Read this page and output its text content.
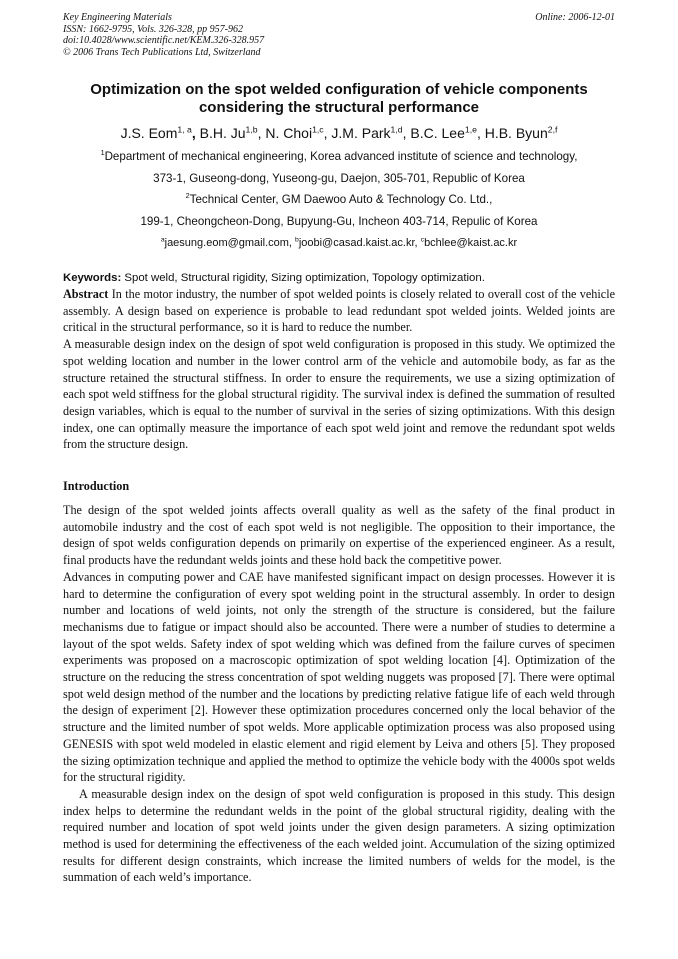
Key Engineering Materials
ISSN: 1662-9795, Vols. 326-328, pp 957-962
doi:10.4028/www.scientific.net/KEM.326-328.957
© 2006 Trans Tech Publications Ltd, Switzerland
Online: 2006-12-01
Optimization on the spot welded configuration of vehicle components
considering the structural performance
J.S. Eom$^{1, a}$, B.H. Ju$^{1,b}$, N. Choi$^{1,c}$, J.M. Park$^{1,d}$, B.C. Lee$^{1,e}$, H.B. Byun$^{2,f}$
$^1$Department of mechanical engineering, Korea advanced institute of science and technology,
373-1, Guseong-dong, Yuseong-gu, Daejon, 305-701, Republic of Korea
$^2$Technical Center, GM Daewoo Auto & Technology Co. Ltd.,
199-1, Cheongcheon-Dong, Bupyung-Gu, Incheon 403-714, Repulic of Korea
$^a$jaesung.eom@gmail.com, $^b$joobi@casad.kaist.ac.kr, $^c$bchlee@kaist.ac.kr
Keywords: Spot weld, Structural rigidity, Sizing optimization, Topology optimization.

Abstract In the motor industry, the number of spot welded points is closely related to overall cost of the vehicle assembly. A design based on experience is probable to lead redundant spot welded joints. Welded joints are critical in the structural performance, so it is hard to reduce the number.

A measurable design index on the design of spot weld configuration is proposed in this study. We optimized the spot welding location and number in the lower control arm of the vehicle and automobile body, as far as the structure retained the structural stiffness. In order to ensure the requirements, we use a sizing optimization of each spot weld stiffness for the global structural rigidity. The survival index is defined the summation of resulted design variables, which is equal to the number of survival in the series of sizing optimizations. With this design index, one can optimally measure the importance of each spot weld joint and remove the redundant spot welds from the structure design.

Introduction

The design of the spot welded joints affects overall quality as well as the safety of the final product in automobile industry and the cost of each spot weld is not negligible. The opposition to their importance, the design of spot welds configuration depends on primarily on expertise of the experienced engineer. As a result, final products have the redundant welds joints and these hold back the competitive power.

Advances in computing power and CAE have manifested significant impact on design processes. However it is hard to determine the configuration of every spot welding point in the structural assembly. In order to design number and locations of weld joints, not only the strength of the structure is considered, but the failure mechanisms due to fatigue or impact should also be accounted. There were a number of studies to determine a layout of the spot welds. Safety index of spot welding which was defined from the failure curves of specimen experiments was proposed on a macroscopic optimization of spot welding location [4]. Optimization of the structure on the reducing the stress concentration of spot welding nuggets was proposed [7]. There were optimal spot weld design method of the number and the locations by predicting relative fatigue life of each weld through the design of experiment [2]. However these optimization procedures concerned only the local behavior of the structure and the limited number of spot welds. More applicable optimization process was also proposed using GENESIS with spot weld modeled in elastic element and rigid element by Leiva and others [5]. They proposed the sizing optimization technique and applied the method to optimize the vehicle body with the 4000s spot welds for the structural rigidity.

A measurable design index on the design of spot weld configuration is proposed in this study. This design index helps to determine the redundant welds in the point of the global structural rigidity, dealing with the required number and location of spot weld joints under the given design parameters. A sizing optimization method is used for determining the effectiveness of the each welded joint. Accumulation of the sizing optimized results for different design constraints, which increase the limited numbers of welds for the model, is the summation of each weld’s importance.
